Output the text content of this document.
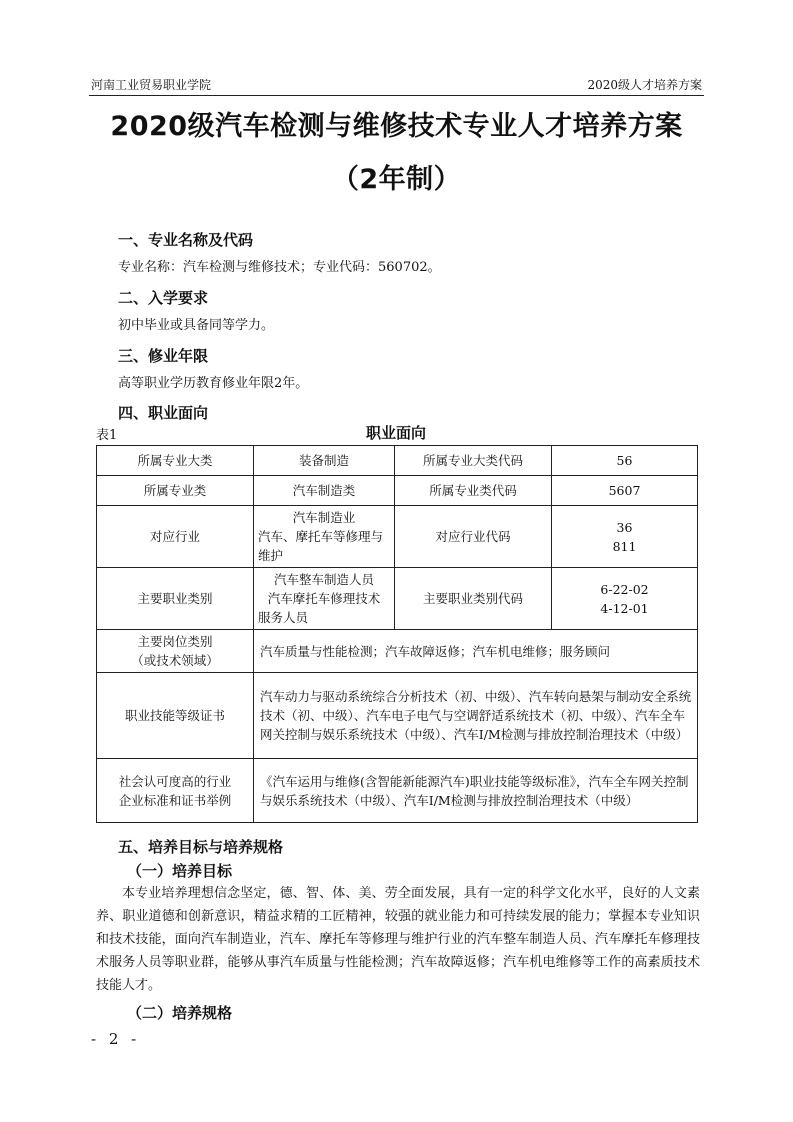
河南工业贸易职业学院	2020级人才培养方案
2020级汽车检测与维修技术专业人才培养方案
（2年制）
一、专业名称及代码
专业名称：汽车检测与维修技术；专业代码：560702。
二、入学要求
初中毕业或具备同等学力。
三、修业年限
高等职业学历教育修业年限2年。
四、职业面向
表1	职业面向
所属专业大类	装备制造	所属专业大类代码	56
所属专业类	汽车制造类	所属专业类代码	5607
对应行业	汽车制造业
汽车、摩托车等修理与
维护	对应行业代码	36
811

主要职业类别	汽车整车制造人员
汽车摩托车修理技术
服务人员	主要职业类别代码	6-22-02
4-12-01

主要岗位类别
（或技术领域）	汽车质量与性能检测；汽车故障返修；汽车机电维修；服务顾问		
职业技能等级证书	汽车动力与驱动系统综合分析技术（初、中级）、汽车转向悬架与制动安全系统技术（初、中级）、汽车电子电气与空调舒适系统技术（初、中级）、汽车全车网关控制与娱乐系统技术（中级）、汽车I/M检测与排放控制治理技术（中级）		

社会认可度高的行业
企业标准和证书举例	《汽车运用与维修(含智能新能源汽车)职业技能等级标准》，汽车全车网关控制与娱乐系统技术（中级）、汽车I/M检测与排放控制治理技术（中级）		
五、培养目标与培养规格
（一）培养目标
本专业培养理想信念坚定，德、智、体、美、劳全面发展，具有一定的科学文化水平，良好的人文素养、职业道德和创新意识，精益求精的工匠精神，较强的就业能力和可持续发展的能力；掌握本专业知识和技术技能，面向汽车制造业，汽车、摩托车等修理与维护行业的汽车整车制造人员、汽车摩托车修理技术服务人员等职业群，能够从事汽车质量与性能检测；汽车故障返修；汽车机电维修等工作的高素质技术技能人才。
（二）培养规格
- 2 -
